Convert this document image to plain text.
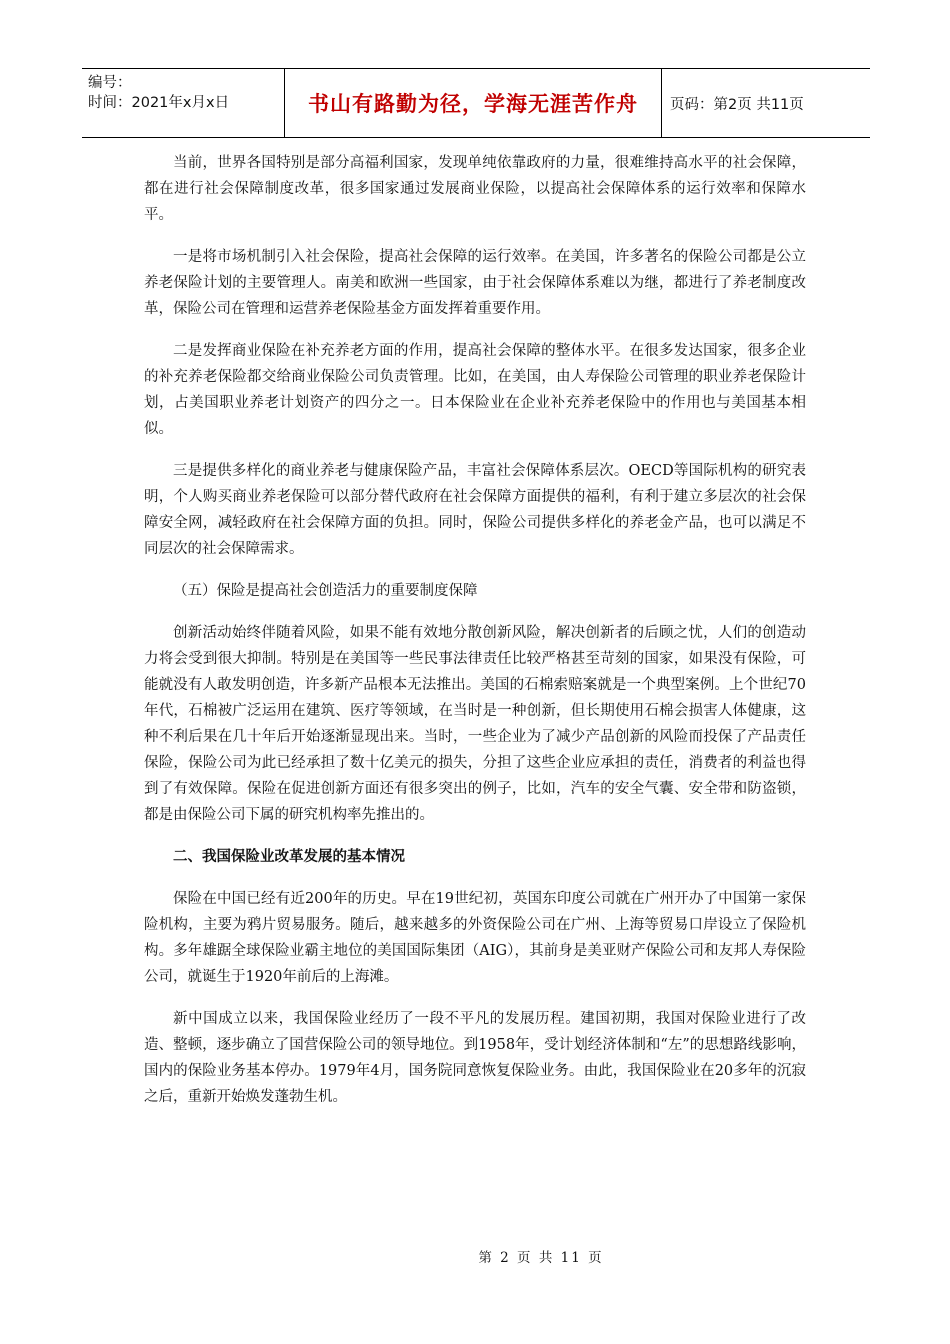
编号：
时间：2021年x月x日	书山有路勤为径，学海无涯苦作舟	页码：第2页 共11页

当前，世界各国特别是部分高福利国家，发现单纯依靠政府的力量，很难维持高水平的社会保障，都在进行社会保障制度改革，很多国家通过发展商业保险，以提高社会保障体系的运行效率和保障水平。

一是将市场机制引入社会保险，提高社会保障的运行效率。在美国，许多著名的保险公司都是公立养老保险计划的主要管理人。南美和欧洲一些国家，由于社会保障体系难以为继，都进行了养老制度改革，保险公司在管理和运营养老保险基金方面发挥着重要作用。

二是发挥商业保险在补充养老方面的作用，提高社会保障的整体水平。在很多发达国家，很多企业的补充养老保险都交给商业保险公司负责管理。比如，在美国，由人寿保险公司管理的职业养老保险计划，占美国职业养老计划资产的四分之一。日本保险业在企业补充养老保险中的作用也与美国基本相似。

三是提供多样化的商业养老与健康保险产品，丰富社会保障体系层次。OECD等国际机构的研究表明，个人购买商业养老保险可以部分替代政府在社会保障方面提供的福利，有利于建立多层次的社会保障安全网，减轻政府在社会保障方面的负担。同时，保险公司提供多样化的养老金产品，也可以满足不同层次的社会保障需求。

（五）保险是提高社会创造活力的重要制度保障

创新活动始终伴随着风险，如果不能有效地分散创新风险，解决创新者的后顾之忧，人们的创造动力将会受到很大抑制。特别是在美国等一些民事法律责任比较严格甚至苛刻的国家，如果没有保险，可能就没有人敢发明创造，许多新产品根本无法推出。美国的石棉索赔案就是一个典型案例。上个世纪70年代，石棉被广泛运用在建筑、医疗等领域，在当时是一种创新，但长期使用石棉会损害人体健康，这种不利后果在几十年后开始逐渐显现出来。当时，一些企业为了减少产品创新的风险而投保了产品责任保险，保险公司为此已经承担了数十亿美元的损失，分担了这些企业应承担的责任，消费者的利益也得到了有效保障。保险在促进创新方面还有很多突出的例子，比如，汽车的安全气囊、安全带和防盗锁，都是由保险公司下属的研究机构率先推出的。

二、我国保险业改革发展的基本情况

保险在中国已经有近200年的历史。早在19世纪初，英国东印度公司就在广州开办了中国第一家保险机构，主要为鸦片贸易服务。随后，越来越多的外资保险公司在广州、上海等贸易口岸设立了保险机构。多年雄踞全球保险业霸主地位的美国国际集团（AIG），其前身是美亚财产保险公司和友邦人寿保险公司，就诞生于1920年前后的上海滩。

新中国成立以来，我国保险业经历了一段不平凡的发展历程。建国初期，我国对保险业进行了改造、整顿，逐步确立了国营保险公司的领导地位。到1958年，受计划经济体制和“左”的思想路线影响，国内的保险业务基本停办。1979年4月，国务院同意恢复保险业务。由此，我国保险业在20多年的沉寂之后，重新开始焕发蓬勃生机。

第 2 页 共 11 页
